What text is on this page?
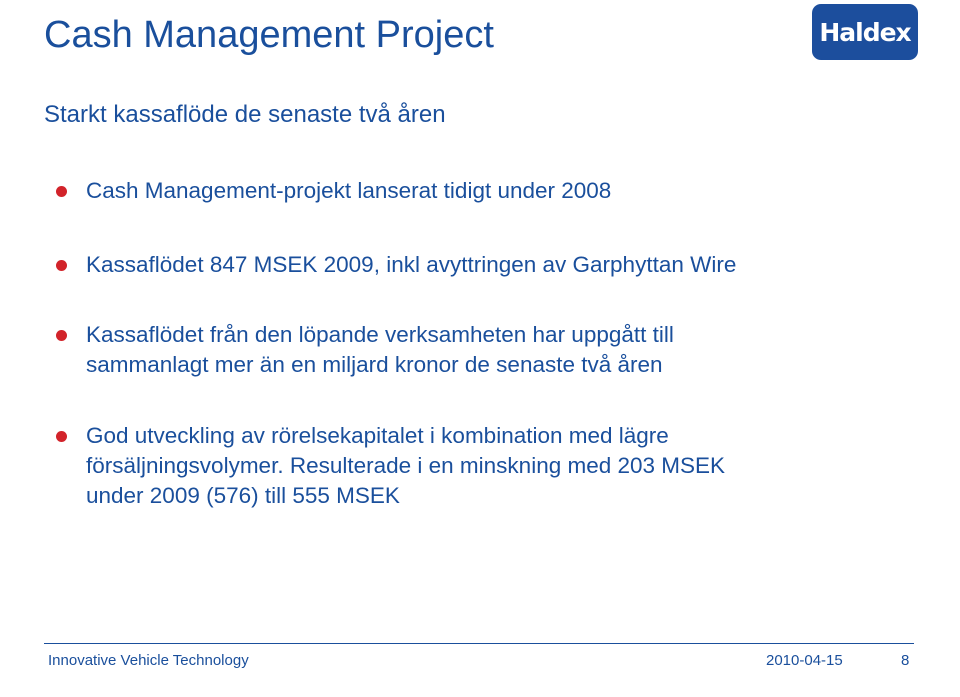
Cash Management Project	Haldex
Starkt kassaflöde de senaste två åren
Cash Management-projekt lanserat tidigt under 2008
Kassaflödet 847 MSEK 2009, inkl avyttringen av Garphyttan Wire
Kassaflödet från den löpande verksamheten har uppgått till
sammanlagt mer än en miljard kronor de senaste två åren
God utveckling av rörelsekapitalet i kombination med lägre
försäljningsvolymer. Resulterade i en minskning med 203 MSEK
under 2009 (576) till 555 MSEK
Innovative Vehicle Technology	2010-04-15	8
